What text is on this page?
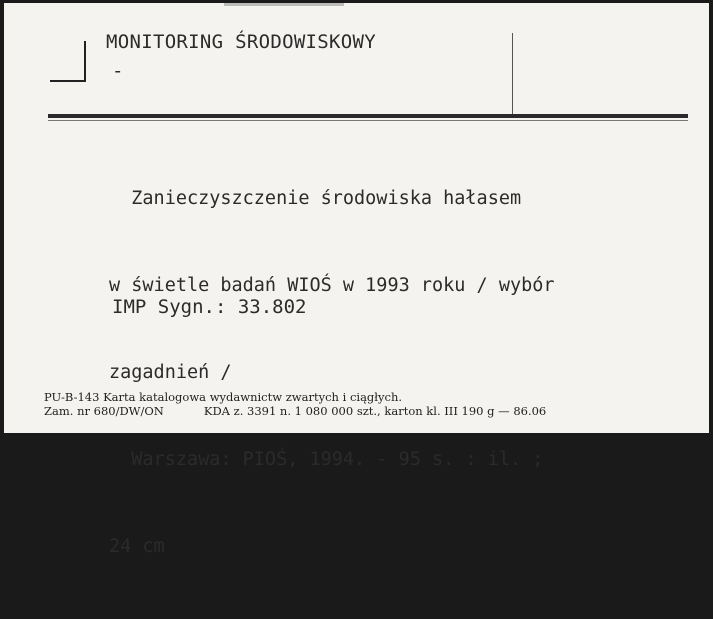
MONITORING ŚRODOWISKOWY
-

Zanieczyszczenie środowiska hałasem

w świetle badań WIOŚ w 1993 roku / wybór

zagadnień /

Warszawa: PIOŚ, 1994. - 95 s. : il. ;

24 cm

IMP Sygn.: 33.802
PU-B-143 Karta katalogowa wydawnictw zwartych i ciągłych.
Zam. nr 680/DW/ON	KDA z. 3391 n. 1 080 000 szt., karton kl. III 190 g — 86.06
